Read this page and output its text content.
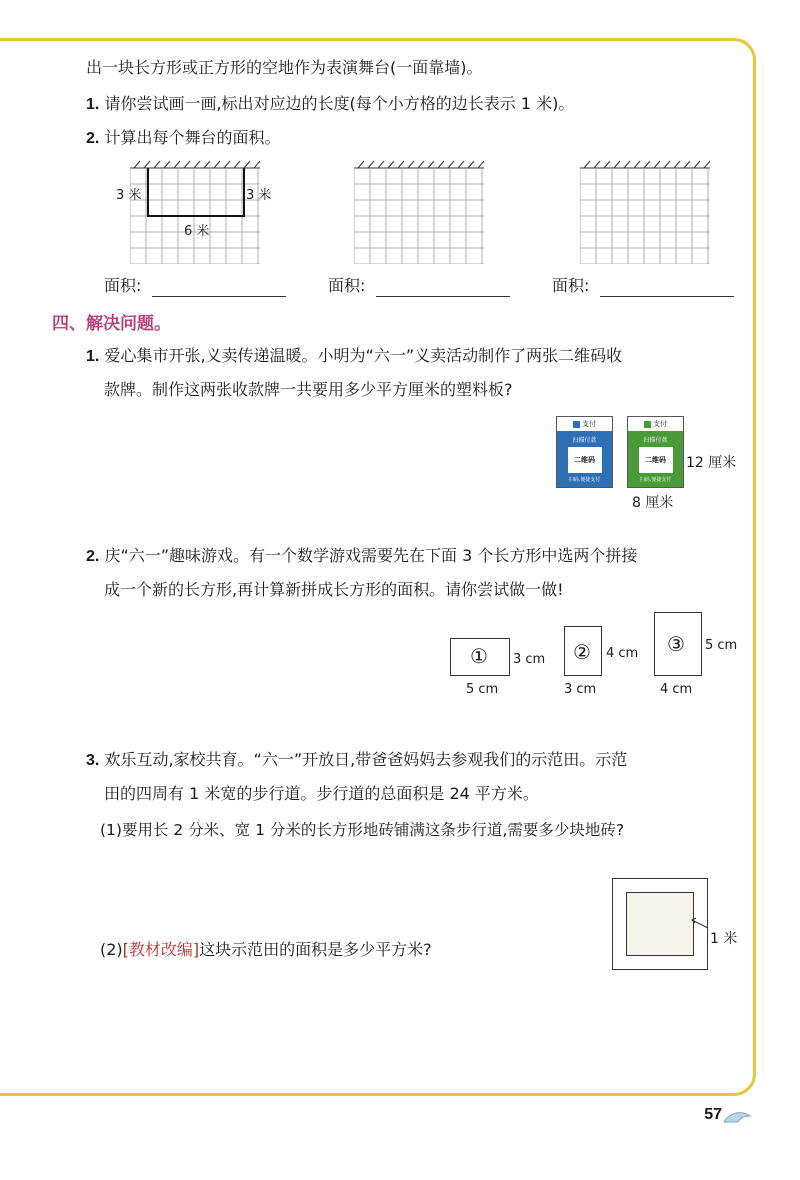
出一块长方形或正方形的空地作为表演舞台(一面靠墙)。
1. 请你尝试画一画,标出对应边的长度(每个小方格的边长表示 1 米)。
2. 计算出每个舞台的面积。
3 米	3 米
6 米
面积:	面积:	面积:
四、解决问题。
1. 爱心集市开张,义卖传递温暖。小明为“六一”义卖活动制作了两张二维码收
款牌。制作这两张收款牌一共要用多少平方厘米的塑料板?
支付
扫描付款
二维码
扫码,便捷支付
支付
扫描付款
二维码
扫码,便捷支付
12 厘米
8 厘米
2. 庆“六一”趣味游戏。有一个数学游戏需要先在下面 3 个长方形中选两个拼接
成一个新的长方形,再计算新拼成长方形的面积。请你尝试做一做!
① 3 cm
5 cm
② 4 cm
3 cm
③ 5 cm
4 cm
3. 欢乐互动,家校共育。“六一”开放日,带爸爸妈妈去参观我们的示范田。示范
田的四周有 1 米宽的步行道。步行道的总面积是 24 平方米。
(1)要用长 2 分米、宽 1 分米的长方形地砖铺满这条步行道,需要多少块地砖?
(2)[教材改编]这块示范田的面积是多少平方米?
1 米
57
